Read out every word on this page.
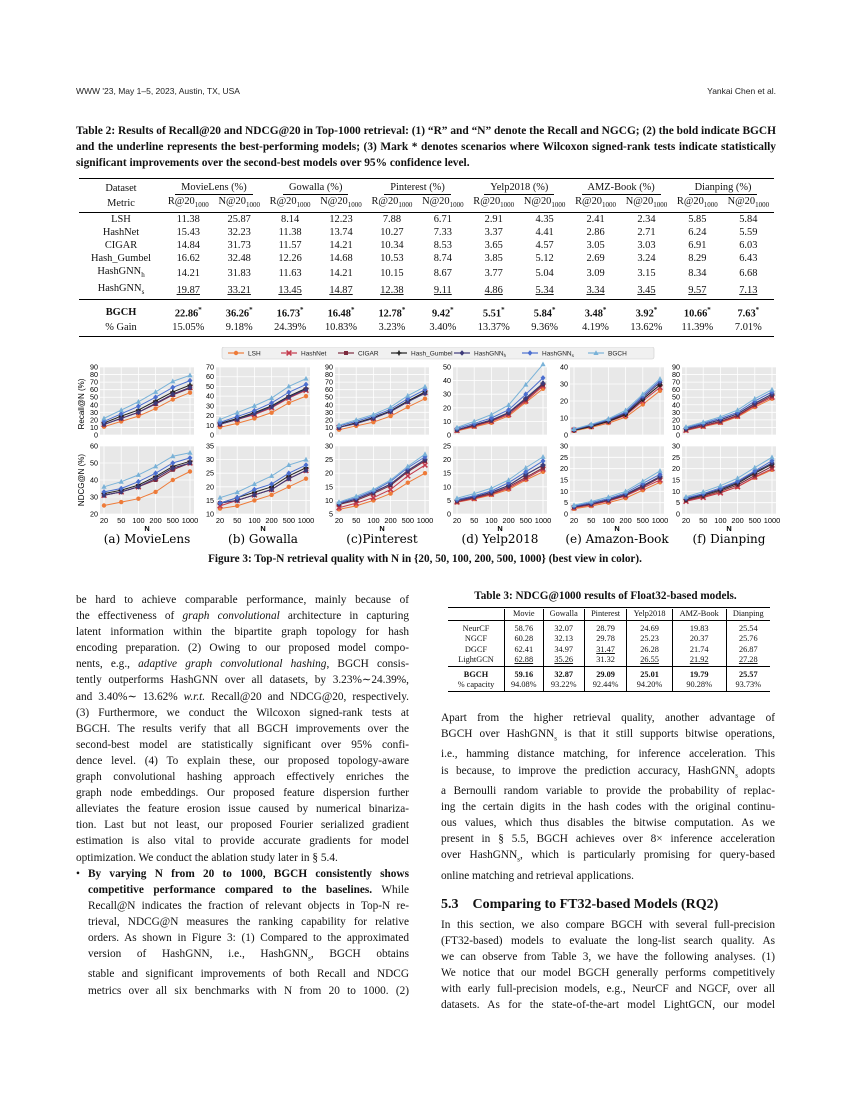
WWW '23, May 1–5, 2023, Austin, TX, USA	Yankai Chen et al.
Table 2: Results of Recall@20 and NDCG@20 in Top-1000 retrieval: (1) “R” and “N” denote the Recall and NGCG; (2) the bold indicate BGCH and the underline represents the best-performing models; (3) Mark * denotes scenarios where Wilcoxon signed-rank tests indicate statistically significant improvements over the second-best models over 95% confidence level.
Dataset	MovieLens (%)		Gowalla (%)		Pinterest (%)		Yelp2018 (%)		AMZ-Book (%)		Dianping (%)	
Metric	$R@20_{1000}$	$N@20_{1000}$	$R@20_{1000}$	$N@20_{1000}$	$R@20_{1000}$	$N@20_{1000}$	$R@20_{1000}$	$N@20_{1000}$	$R@20_{1000}$	$N@20_{1000}$	$R@20_{1000}$	$N@20_{1000}$
LSH	11.38	25.87	8.14	12.23	7.88	6.71	2.91	4.35	2.41	2.34	5.85	5.84
HashNet	15.43	32.23	11.38	13.74	10.27	7.33	3.37	4.41	2.86	2.71	6.24	5.59
CIGAR	14.84	31.73	11.57	14.21	10.34	8.53	3.65	4.57	3.05	3.03	6.91	6.03
Hash_Gumbel	16.62	32.48	12.26	14.68	10.53	8.74	3.85	5.12	2.69	3.24	8.29	6.43
HashGNN$_h$	14.21	31.83	11.63	14.21	10.15	8.67	3.77	5.04	3.09	3.15	8.34	6.68
HashGNN$_s$	19.87	33.21	13.45	14.87	12.38	9.11	4.86	5.34	3.34	3.45	9.57	7.13
BGCH	22.86*	36.26*	16.73*	16.48*	12.78*	9.42*	5.51*	5.84*	3.48*	3.92*	10.66*	7.63*
% Gain	15.05%	9.18%	24.39%	10.83%	3.23%	3.40%	13.37%	9.36%	4.19%	13.62%	11.39%	7.01%
LSH	HashNet	CIGAR	Hash_Gumbel	HashGNN$_h$	HashGNN$_s$	BGCH
Recall@N (%)
NDCG@N (%)
0
10
20
30
40
50
60
70
80
90
20
30
40
50
60
20 50 100 200 500 1000
N
(a) MovieLens
0
10
20
30
40
50
60
70
10
15
20
25
30
35
20 50 100 200 500 1000
N
(b) Gowalla
0
10
20
30
40
50
60
70
80
90
5
10
15
20
25
30
20 50 100 200 500 1000
N
(c)Pinterest
0
10
20
30
40
50
0
5
10
15
20
25
20 50 100 200 500 1000
N
(d) Yelp2018
0
10
20
30
40
0
5
10
15
20
25
30
20 50 100 200 500 1000
N
(e) Amazon-Book
0
10
20
30
40
50
60
70
80
90
0
5
10
15
20
25
30
20 50 100 200 500 1000
N
(f) Dianping
Figure 3: Top-N retrieval quality with N in {20, 50, 100, 200, 500, 1000} (best view in color).
be hard to achieve comparable performance, mainly because of
the effectiveness of graph convolutional architecture in capturing
latent information within the bipartite graph topology for hash
encoding preparation. (2) Owing to our proposed model compo-
nents, e.g., adaptive graph convolutional hashing, BGCH consis-
tently outperforms HashGNN over all datasets, by 3.23%∼24.39%,
and 3.40%∼ 13.62% w.r.t. Recall@20 and NDCG@20, respectively.
(3) Furthermore, we conduct the Wilcoxon signed-rank tests at
BGCH. The results verify that all BGCH improvements over the
second-best model are statistically significant over 95% confi-
dence level. (4) To explain these, our proposed topology-aware
graph convolutional hashing approach effectively enriches the
graph node embeddings. Our proposed feature dispersion further
alleviates the feature erosion issue caused by numerical binariza-
tion. Last but not least, our proposed Fourier serialized gradient
estimation is also vital to provide accurate gradients for model
optimization. We conduct the ablation study later in § 5.4.
• By varying N from 20 to 1000, BGCH consistently shows
competitive performance compared to the baselines. While
Recall@N indicates the fraction of relevant objects in Top-N re-
trieval, NDCG@N measures the ranking capability for relative
orders. As shown in Figure 3: (1) Compared to the approximated
version of HashGNN, i.e., HashGNN$_s$, BGCH obtains
stable and significant improvements of both Recall and NDCG
metrics over all six benchmarks with N from 20 to 1000. (2)
Table 3: NDCG@1000 results of Float32-based models.
	Movie	Gowalla	Pinterest	Yelp2018	AMZ-Book	Dianping
NeurCF	58.76	32.07	28.79	24.69	19.83	25.54
NGCF	60.28	32.13	29.78	25.23	20.37	25.76
DGCF	62.41	34.97	31.47	26.28	21.74	26.87
LightGCN	62.88	35.26	31.32	26.55	21.92	27.28
BGCH	59.16	32.87	29.09	25.01	19.79	25.57
% capacity	94.08%	93.22%	92.44%	94.20%	90.28%	93.73%
Apart from the higher retrieval quality, another advantage of
BGCH over HashGNN$_s$ is that it still supports bitwise operations,
i.e., hamming distance matching, for inference acceleration. This
is because, to improve the prediction accuracy, HashGNN$_s$ adopts
a Bernoulli random variable to provide the probability of replac-
ing the certain digits in the hash codes with the original continu-
ous values, which thus disables the bitwise computation. As we
present in § 5.5, BGCH achieves over 8× inference acceleration
over HashGNN$_s$, which is particularly promising for query-based
online matching and retrieval applications.
5.3 Comparing to FT32-based Models (RQ2)
In this section, we also compare BGCH with several full-precision
(FT32-based) models to evaluate the long-list search quality. As
we can observe from Table 3, we have the following analyses. (1)
We notice that our model BGCH generally performs competitively
with early full-precision models, e.g., NeurCF and NGCF, over all
datasets. As for the state-of-the-art model LightGCN, our model
